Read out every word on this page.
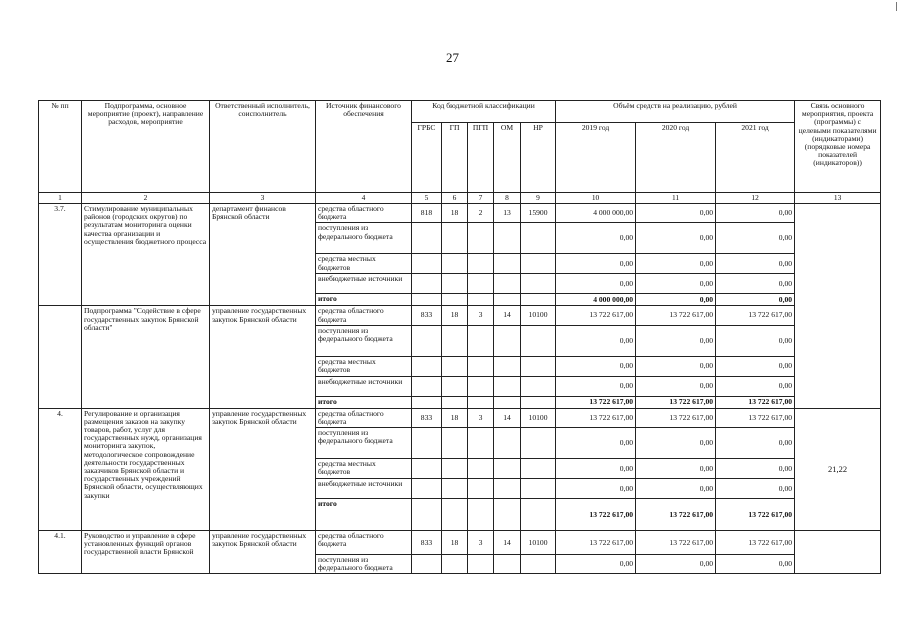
27
№ пп	Подпрограмма, основное мероприятие (проект), направление расходов, мероприятие	Ответственный исполнитель, соисполнитель	Источник финансового обеспечения	Код бюджетной классификации					Объём средств на реализацию, рублей			Связь основного мероприятия, проекта (программы) с целевыми показателями (индикаторами) (порядковые номера показателей (индикаторов))
				ГРБС	ГП	ПГП	ОМ	НР	2019 год	2020 год	2021 год	
1	2	3	4	5	6	7	8	9	10	11	12	13
3.7.	Стимулирование муниципальных районов (городских округов) по результатам мониторинга оценки качества организации и осуществления бюджетного процесса	департамент финансов Брянской области	средства областного бюджета	818	18	2	13	15900	4 000 000,00	0,00	0,00	
			поступления из федерального бюджета						0,00	0,00	0,00	
			средства местных бюджетов						0,00	0,00	0,00	
			внебюджетные источники						0,00	0,00	0,00	
			итого						4 000 000,00	0,00	0,00	
	Подпрограмма "Содействие в сфере государственных закупок Брянской области"	управление государственных закупок Брянской области	средства областного бюджета	833	18	3	14	10100	13 722 617,00	13 722 617,00	13 722 617,00	
			поступления из федерального бюджета						0,00	0,00	0,00	
			средства местных бюджетов						0,00	0,00	0,00	
			внебюджетные источники						0,00	0,00	0,00	
			итого						13 722 617,00	13 722 617,00	13 722 617,00	
4.	Регулирование и организация размещения заказов на закупку товаров, работ, услуг для государственных нужд, организация мониторинга закупок, методологическое сопровождение деятельности государственных заказчиков Брянской области и государственных учреждений Брянской области, осуществляющих закупки	управление государственных закупок Брянской области	средства областного бюджета	833	18	3	14	10100	13 722 617,00	13 722 617,00	13 722 617,00	21,22
			поступления из федерального бюджета						0,00	0,00	0,00	
			средства местных бюджетов						0,00	0,00	0,00	
			внебюджетные источники						0,00	0,00	0,00	
			итого						13 722 617,00	13 722 617,00	13 722 617,00	
4.1.	Руководство и управление в сфере установленных функций органов государственной власти Брянской	управление государственных закупок Брянской области	средства областного бюджета	833	18	3	14	10100	13 722 617,00	13 722 617,00	13 722 617,00	
			поступления из федерального бюджета						0,00	0,00	0,00	
